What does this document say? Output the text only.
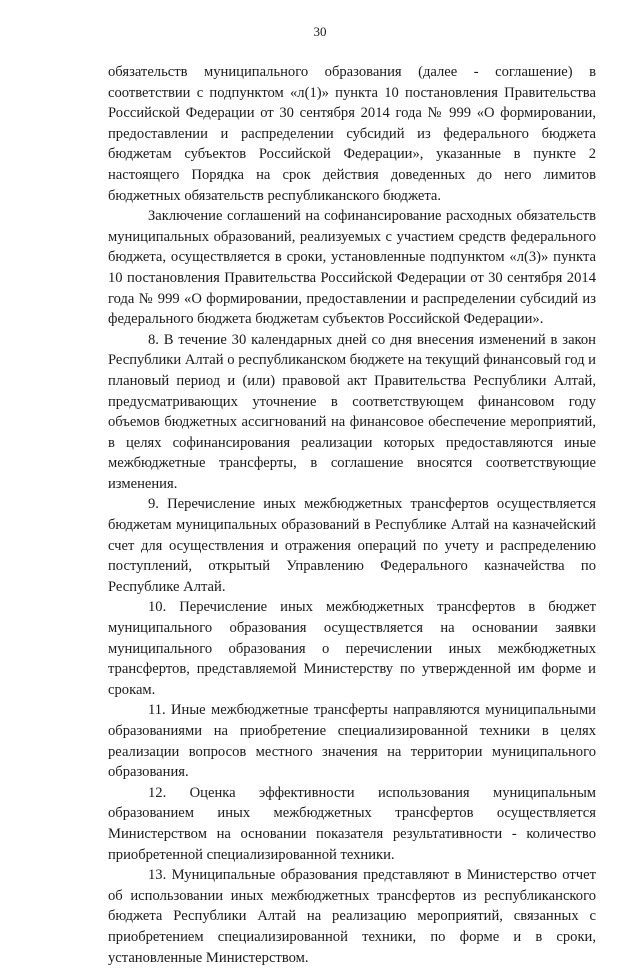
30

обязательств муниципального образования (далее - соглашение) в соответствии с подпунктом «л(1)» пункта 10 постановления Правительства Российской Федерации от 30 сентября 2014 года № 999 «О формировании, предоставлении и распределении субсидий из федерального бюджета бюджетам субъектов Российской Федерации», указанные в пункте 2 настоящего Порядка на срок действия доведенных до него лимитов бюджетных обязательств республиканского бюджета.

Заключение соглашений на софинансирование расходных обязательств муниципальных образований, реализуемых с участием средств федерального бюджета, осуществляется в сроки, установленные подпунктом «л(3)» пункта 10 постановления Правительства Российской Федерации от 30 сентября 2014 года № 999 «О формировании, предоставлении и распределении субсидий из федерального бюджета бюджетам субъектов Российской Федерации».

8. В течение 30 календарных дней со дня внесения изменений в закон Республики Алтай о республиканском бюджете на текущий финансовый год и плановый период и (или) правовой акт Правительства Республики Алтай, предусматривающих уточнение в соответствующем финансовом году объемов бюджетных ассигнований на финансовое обеспечение мероприятий, в целях софинансирования реализации которых предоставляются иные межбюджетные трансферты, в соглашение вносятся соответствующие изменения.

9. Перечисление иных межбюджетных трансфертов осуществляется бюджетам муниципальных образований в Республике Алтай на казначейский счет для осуществления и отражения операций по учету и распределению поступлений, открытый Управлению Федерального казначейства по Республике Алтай.

10. Перечисление иных межбюджетных трансфертов в бюджет муниципального образования осуществляется на основании заявки муниципального образования о перечислении иных межбюджетных трансфертов, представляемой Министерству по утвержденной им форме и срокам.

11. Иные межбюджетные трансферты направляются муниципальными образованиями на приобретение специализированной техники в целях реализации вопросов местного значения на территории муниципального образования.

12. Оценка эффективности использования муниципальным образованием иных межбюджетных трансфертов осуществляется Министерством на основании показателя результативности - количество приобретенной специализированной техники.

13. Муниципальные образования представляют в Министерство отчет об использовании иных межбюджетных трансфертов из республиканского бюджета Республики Алтай на реализацию мероприятий, связанных с приобретением специализированной техники, по форме и в сроки, установленные Министерством.
